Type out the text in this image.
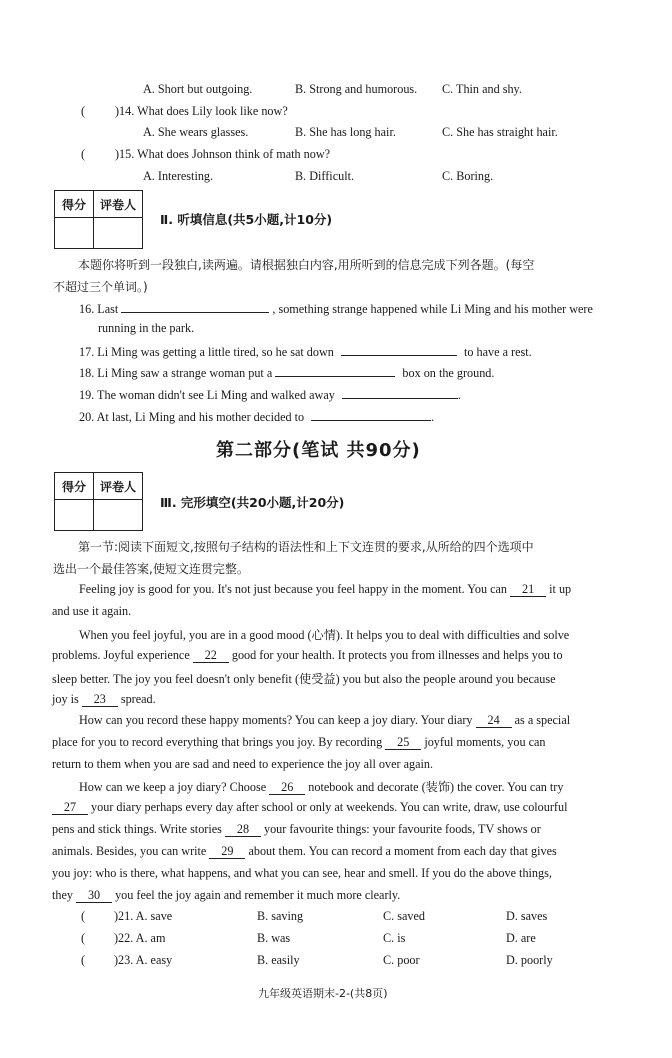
A. Short but outgoing.	B. Strong and humorous. C. Thin and shy.
( )14. What does Lily look like now?
A. She wears glasses.	B. She has long hair.	C. She has straight hair.
( )15. What does Johnson think of math now?
A. Interesting.	B. Difficult.	C. Boring.
得分	评卷人
Ⅱ. 听填信息(共5小题,计10分)
本题你将听到一段独白,读两遍。请根据独白内容,用所听到的信息完成下列各题。(每空
不超过三个单词。)
16. Last	, something strange happened while Li Ming and his mother were
running in the park.
17. Li Ming was getting a little tired, so he sat down	to have a rest.
18. Li Ming saw a strange woman put a	box on the ground.
19. The woman didn't see Li Ming and walked away	.
20. At last, Li Ming and his mother decided to	.
第二部分(笔试 共90分)
得分	评卷人
Ⅲ. 完形填空(共20小题,计20分)
第一节:阅读下面短文,按照句子结构的语法性和上下文连贯的要求,从所给的四个选项中
选出一个最佳答案,使短文连贯完整。
Feeling joy is good for you. It's not just because you feel happy in the moment. You can 21 it up
and use it again.
When you feel joyful, you are in a good mood (心情). It helps you to deal with difficulties and solve
problems. Joyful experience 22 good for your health. It protects you from illnesses and helps you to
sleep better. The joy you feel doesn't only benefit (使受益) you but also the people around you because
joy is 23 spread.
How can you record these happy moments? You can keep a joy diary. Your diary 24 as a special
place for you to record everything that brings you joy. By recording 25 joyful moments, you can
return to them when you are sad and need to experience the joy all over again.
How can we keep a joy diary? Choose 26 notebook and decorate (装饰) the cover. You can try
27 your diary perhaps every day after school or only at weekends. You can write, draw, use colourful
pens and stick things. Write stories 28 your favourite things: your favourite foods, TV shows or
animals. Besides, you can write 29 about them. You can record a moment from each day that gives
you joy: who is there, what happens, and what you can see, hear and smell. If you do the above things,
they 30 you feel the joy again and remember it much more clearly.
( )21. A. save	B. saving	C. saved	D. saves
( )22. A. am	B. was	C. is	D. are
( )23. A. easy	B. easily	C. poor	D. poorly
九年级英语期末-2-(共8页)
